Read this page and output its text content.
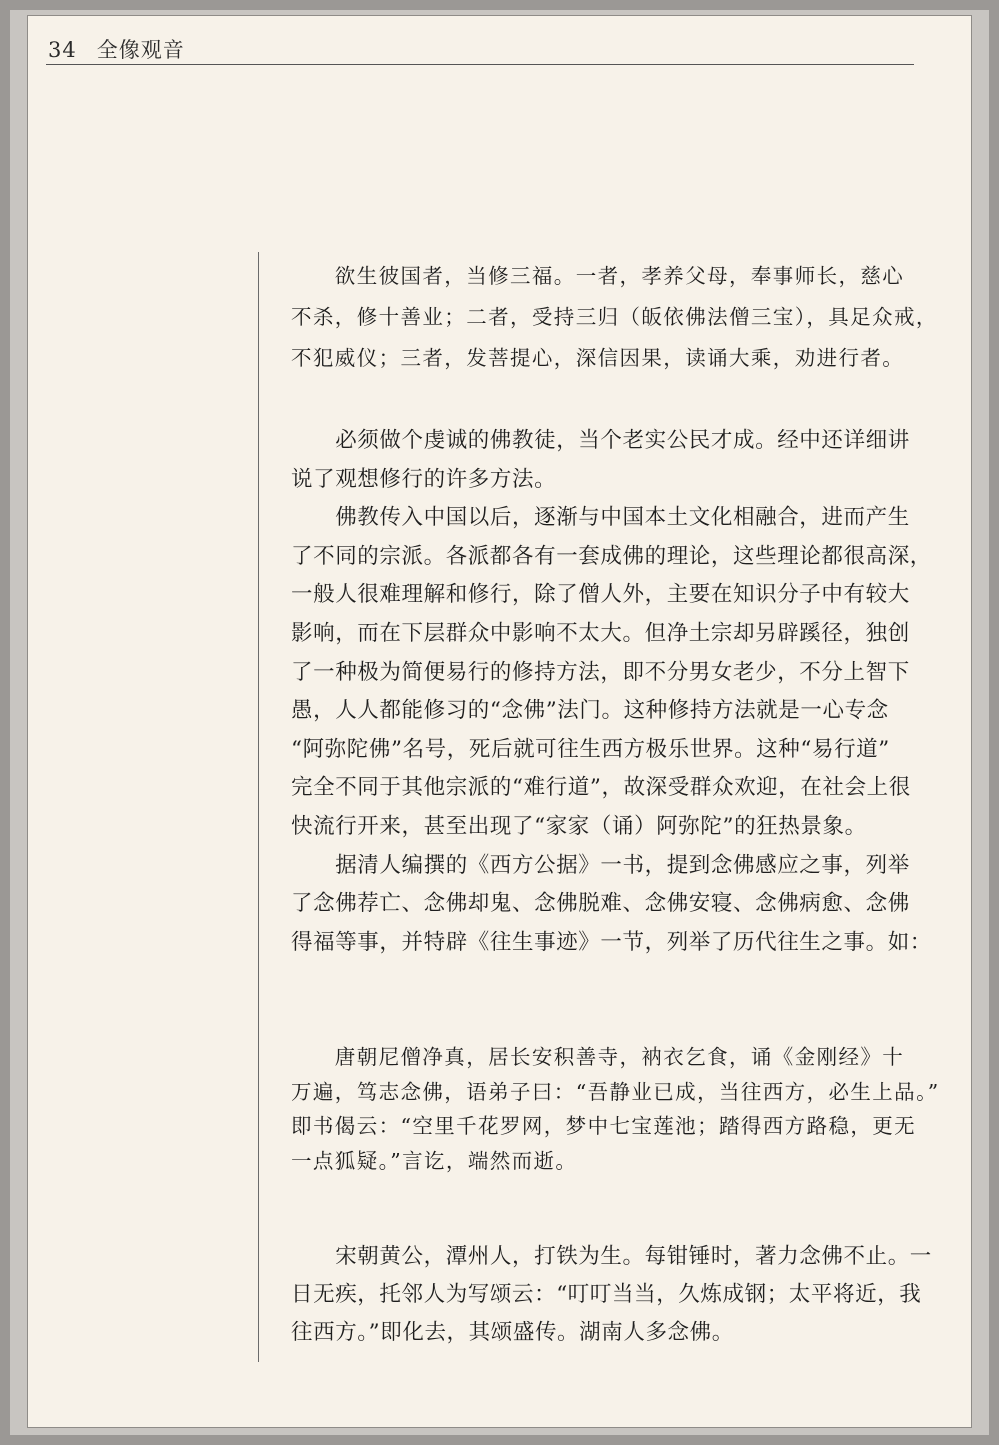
34 全像观音
　　欲生彼国者，当修三福。一者，孝养父母，奉事师长，慈心
不杀，修十善业；二者，受持三归（皈依佛法僧三宝），具足众戒，
不犯威仪；三者，发菩提心，深信因果，读诵大乘，劝进行者。
　　必须做个虔诚的佛教徒，当个老实公民才成。经中还详细讲
说了观想修行的许多方法。
　　佛教传入中国以后，逐渐与中国本土文化相融合，进而产生
了不同的宗派。各派都各有一套成佛的理论，这些理论都很高深，
一般人很难理解和修行，除了僧人外，主要在知识分子中有较大
影响，而在下层群众中影响不太大。但净土宗却另辟蹊径，独创
了一种极为简便易行的修持方法，即不分男女老少，不分上智下
愚，人人都能修习的“念佛”法门。这种修持方法就是一心专念
“阿弥陀佛”名号，死后就可往生西方极乐世界。这种“易行道”
完全不同于其他宗派的“难行道”，故深受群众欢迎，在社会上很
快流行开来，甚至出现了“家家（诵）阿弥陀”的狂热景象。
　　据清人编撰的《西方公据》一书，提到念佛感应之事，列举
了念佛荐亡、念佛却鬼、念佛脱难、念佛安寝、念佛病愈、念佛
得福等事，并特辟《往生事迹》一节，列举了历代往生之事。如：
　　唐朝尼僧净真，居长安积善寺，衲衣乞食，诵《金刚经》十
万遍，笃志念佛，语弟子曰：“吾静业已成，当往西方，必生上品。”
即书偈云：“空里千花罗网，梦中七宝莲池；踏得西方路稳，更无
一点狐疑。”言讫，端然而逝。
　　宋朝黄公，潭州人，打铁为生。每钳锤时，著力念佛不止。一
日无疾，托邻人为写颂云：“叮叮当当，久炼成钢；太平将近，我
往西方。”即化去，其颂盛传。湖南人多念佛。
